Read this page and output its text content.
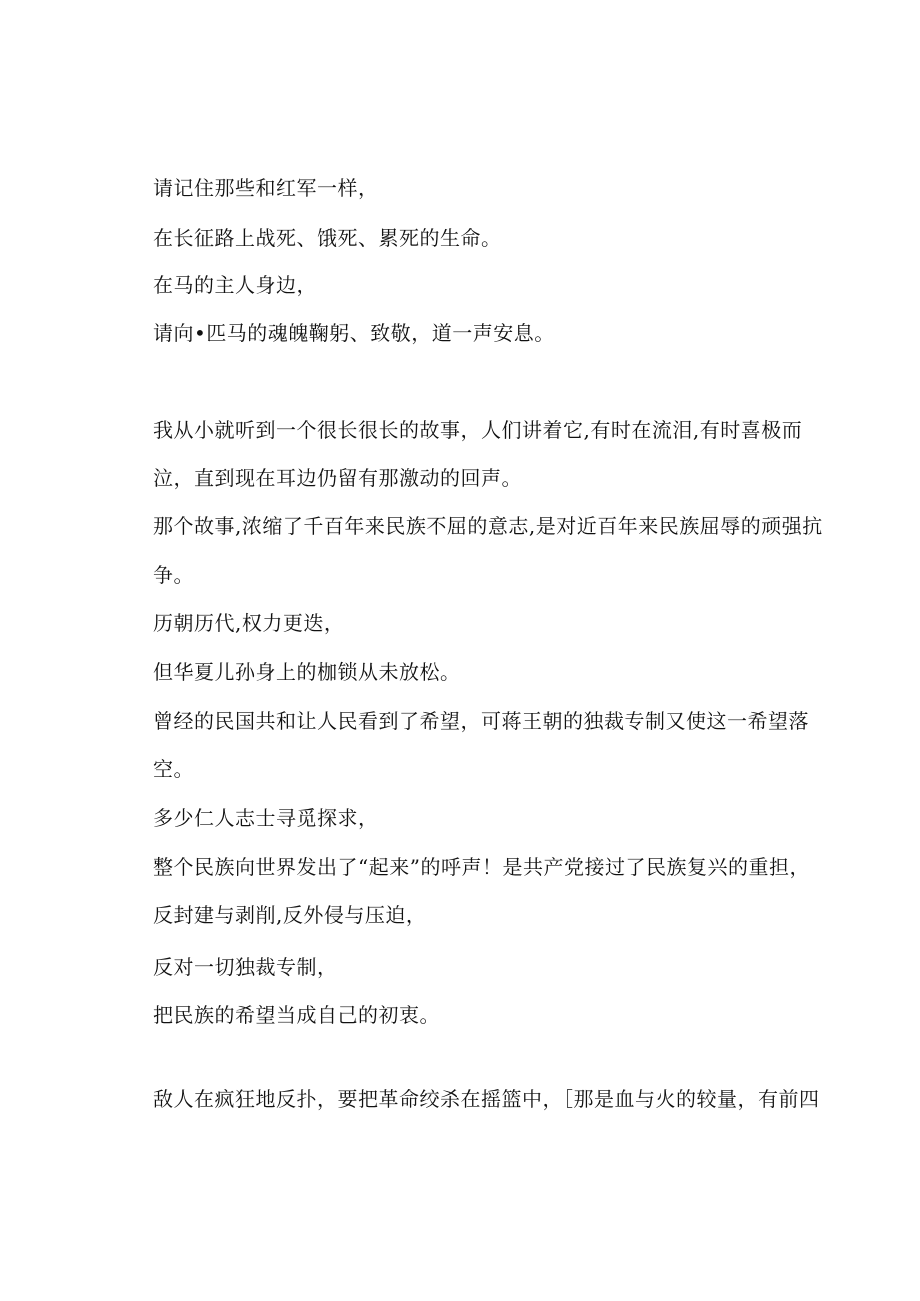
请记住那些和红军一样，
在长征路上战死、饿死、累死的生命。
在马的主人身边，
请向•匹马的魂魄鞠躬、致敬，道一声安息。
我从小就听到一个很长很长的故事，人们讲着它,有时在流泪,有时喜极而
泣，直到现在耳边仍留有那激动的回声。
那个故事,浓缩了千百年来民族不屈的意志,是对近百年来民族屈辱的顽强抗
争。
历朝历代,权力更迭，
但华夏儿孙身上的枷锁从未放松。
曾经的民国共和让人民看到了希望，可蒋王朝的独裁专制又使这一希望落
空。
多少仁人志士寻觅探求，
整个民族向世界发出了“起来”的呼声！是共产党接过了民族复兴的重担，
反封建与剥削,反外侵与压迫，
反对一切独裁专制，
把民族的希望当成自己的初衷。
敌人在疯狂地反扑，要把革命绞杀在摇篮中，［那是血与火的较量，有前四
